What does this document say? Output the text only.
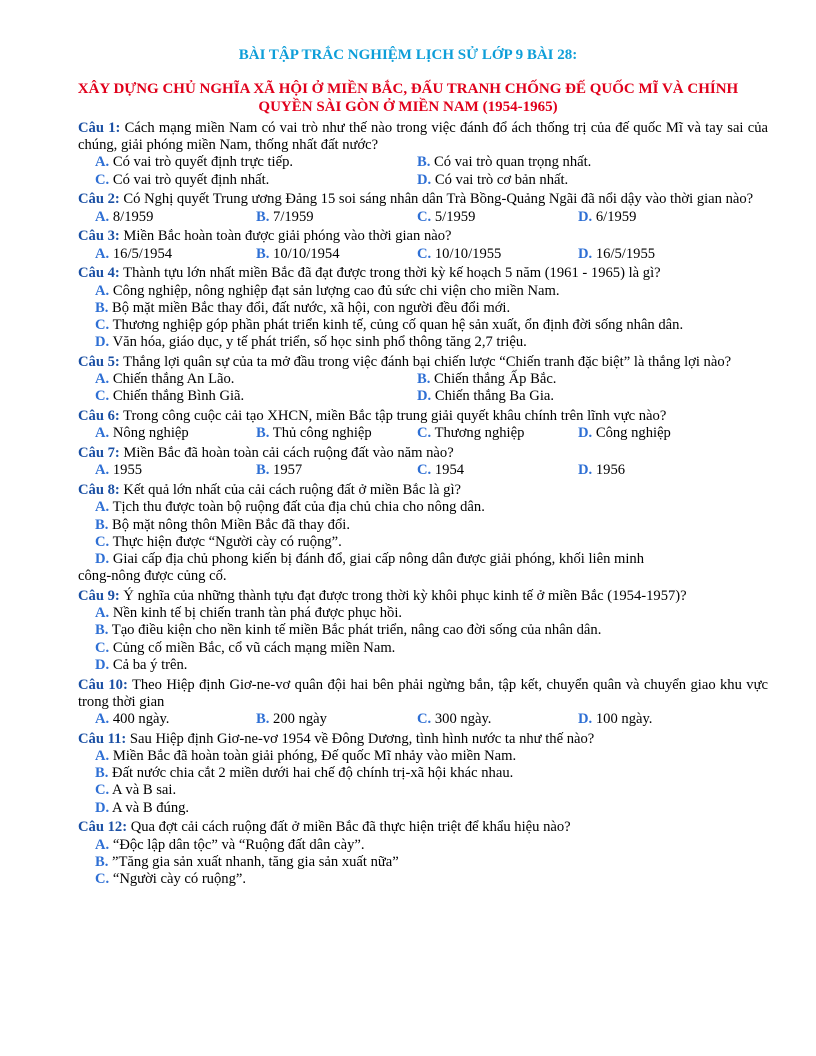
BÀI TẬP TRẮC NGHIỆM LỊCH SỬ LỚP 9 BÀI 28:
XÂY DỰNG CHỦ NGHĨA XÃ HỘI Ở MIỀN BẮC, ĐẤU TRANH CHỐNG ĐẾ QUỐC MĨ VÀ CHÍNH QUYỀN SÀI GÒN Ở MIỀN NAM (1954-1965)
Câu 1: Cách mạng miền Nam có vai trò như thế nào trong việc đánh đổ ách thống trị của đế quốc Mĩ và tay sai của chúng, giải phóng miền Nam, thống nhất đất nước?
A. Có vai trò quyết định trực tiếp.	B. Có vai trò quan trọng nhất.
C. Có vai trò quyết định nhất.	D. Có vai trò cơ bản nhất.
Câu 2: Có Nghị quyết Trung ương Đảng 15 soi sáng nhân dân Trà Bồng-Quảng Ngãi đã nổi dậy vào thời gian nào?
A. 8/1959	B. 7/1959	C. 5/1959	D. 6/1959
Câu 3: Miền Bắc hoàn toàn được giải phóng vào thời gian nào?
A. 16/5/1954	B. 10/10/1954	C. 10/10/1955	D. 16/5/1955
Câu 4: Thành tựu lớn nhất miền Bắc đã đạt được trong thời kỳ kế hoạch 5 năm (1961 - 1965) là gì?
A. Công nghiệp, nông nghiệp đạt sản lượng cao đủ sức chi viện cho miền Nam.
B. Bộ mặt miền Bắc thay đổi, đất nước, xã hội, con người đều đổi mới.
C. Thương nghiệp góp phần phát triển kinh tế, củng cố quan hệ sản xuất, ổn định đời sống nhân dân.
D. Văn hóa, giáo dục, y tế phát triển, số học sinh phổ thông tăng 2,7 triệu.
Câu 5: Thắng lợi quân sự của ta mở đầu trong việc đánh bại chiến lược “Chiến tranh đặc biệt” là thắng lợi nào?
A. Chiến thắng An Lão.	B. Chiến thắng Ấp Bắc.
C. Chiến thắng Bình Giã.	D. Chiến thắng Ba Gia.
Câu 6: Trong công cuộc cải tạo XHCN, miền Bắc tập trung giải quyết khâu chính trên lĩnh vực nào?
A. Nông nghiệp	B. Thủ công nghiệp	C. Thương nghiệp	D. Công nghiệp
Câu 7: Miền Bắc đã hoàn toàn cải cách ruộng đất vào năm nào?
A. 1955	B. 1957	C. 1954	D. 1956
Câu 8: Kết quả lớn nhất của cải cách ruộng đất ở miền Bắc là gì?
A. Tịch thu được toàn bộ ruộng đất của địa chủ chia cho nông dân.
B. Bộ mặt nông thôn Miền Bắc đã thay đổi.
C. Thực hiện được “Người cày có ruộng”.
D. Giai cấp địa chủ phong kiến bị đánh đổ, giai cấp nông dân được giải phóng, khối liên minh
công-nông được củng cố.
Câu 9: Ý nghĩa của những thành tựu đạt được trong thời kỳ khôi phục kinh tế ở miền Bắc (1954-1957)?
A. Nền kinh tế bị chiến tranh tàn phá được phục hồi.
B. Tạo điều kiện cho nền kinh tế miền Bắc phát triển, nâng cao đời sống của nhân dân.
C. Củng cố miền Bắc, cổ vũ cách mạng miền Nam.
D. Cả ba ý trên.
Câu 10: Theo Hiệp định Giơ-ne-vơ quân đội hai bên phải ngừng bắn, tập kết, chuyển quân và chuyển giao khu vực trong thời gian
A. 400 ngày.	B. 200 ngày	C. 300 ngày.	D. 100 ngày.
Câu 11: Sau Hiệp định Giơ-ne-vơ 1954 về Đông Dương, tình hình nước ta như thế nào?
A. Miền Bắc đã hoàn toàn giải phóng, Đế quốc Mĩ nhảy vào miền Nam.
B. Đất nước chia cắt 2 miền dưới hai chế độ chính trị-xã hội khác nhau.
C. A và B sai.
D. A và B đúng.
Câu 12: Qua đợt cải cách ruộng đất ở miền Bắc đã thực hiện triệt để khẩu hiệu nào?
A. “Độc lập dân tộc” và “Ruộng đất dân cày”.
B. ”Tăng gia sản xuất nhanh, tăng gia sản xuất nữa”
C. “Người cày có ruộng”.
